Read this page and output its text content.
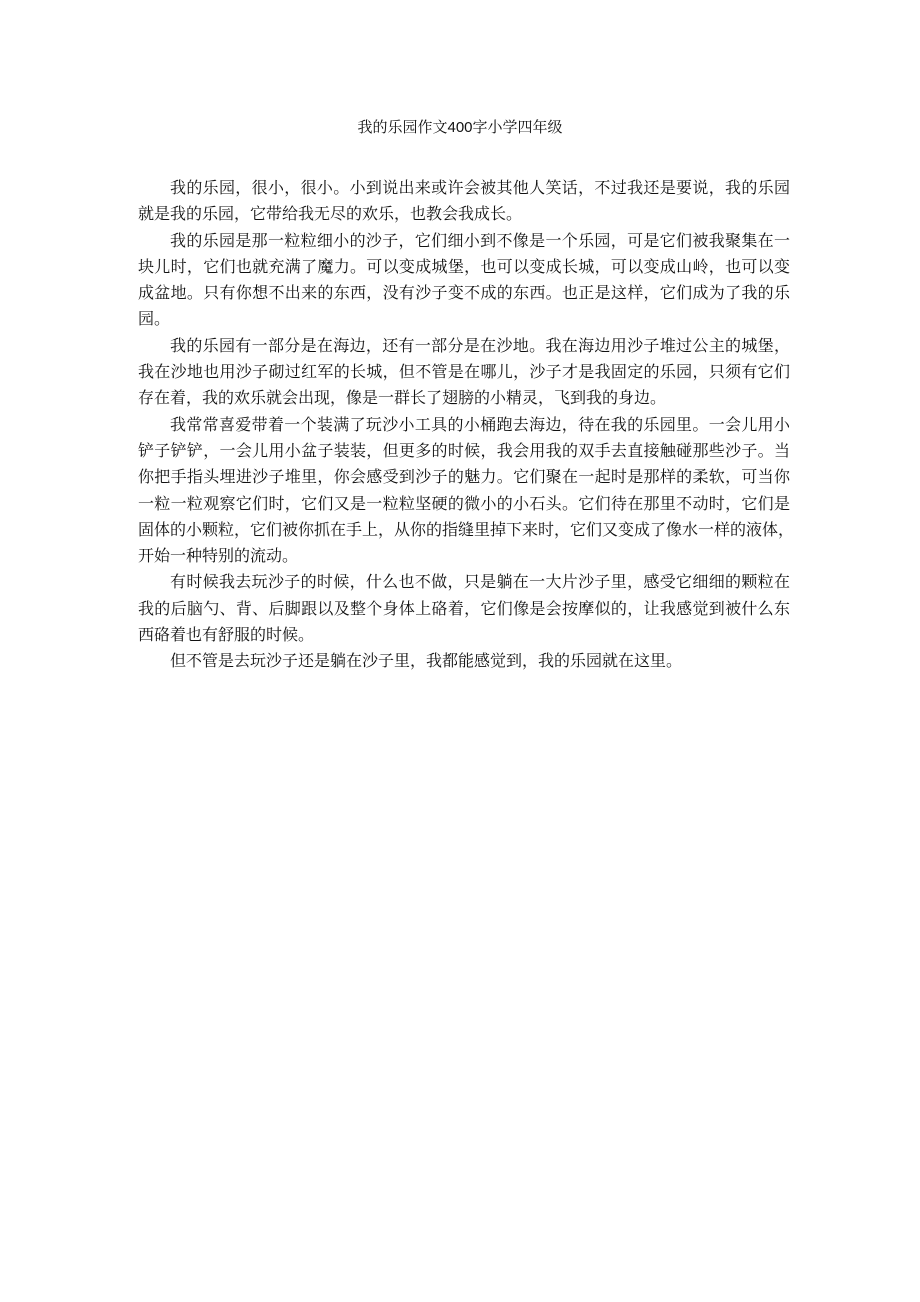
我的乐园作文400字小学四年级
我的乐园，很小，很小。小到说出来或许会被其他人笑话，不过我还是要说，我的乐园
就是我的乐园，它带给我无尽的欢乐，也教会我成长。
我的乐园是那一粒粒细小的沙子，它们细小到不像是一个乐园，可是它们被我聚集在一
块儿时，它们也就充满了魔力。可以变成城堡，也可以变成长城，可以变成山岭，也可以变
成盆地。只有你想不出来的东西，没有沙子变不成的东西。也正是这样，它们成为了我的乐
园。
我的乐园有一部分是在海边，还有一部分是在沙地。我在海边用沙子堆过公主的城堡，
我在沙地也用沙子砌过红军的长城，但不管是在哪儿，沙子才是我固定的乐园，只须有它们
存在着，我的欢乐就会出现，像是一群长了翅膀的小精灵，飞到我的身边。
我常常喜爱带着一个装满了玩沙小工具的小桶跑去海边，待在我的乐园里。一会儿用小
铲子铲铲，一会儿用小盆子装装，但更多的时候，我会用我的双手去直接触碰那些沙子。当
你把手指头埋进沙子堆里，你会感受到沙子的魅力。它们聚在一起时是那样的柔软，可当你
一粒一粒观察它们时，它们又是一粒粒坚硬的微小的小石头。它们待在那里不动时，它们是
固体的小颗粒，它们被你抓在手上，从你的指缝里掉下来时，它们又变成了像水一样的液体，
开始一种特别的流动。
有时候我去玩沙子的时候，什么也不做，只是躺在一大片沙子里，感受它细细的颗粒在
我的后脑勺、背、后脚跟以及整个身体上硌着，它们像是会按摩似的，让我感觉到被什么东
西硌着也有舒服的时候。
但不管是去玩沙子还是躺在沙子里，我都能感觉到，我的乐园就在这里。
